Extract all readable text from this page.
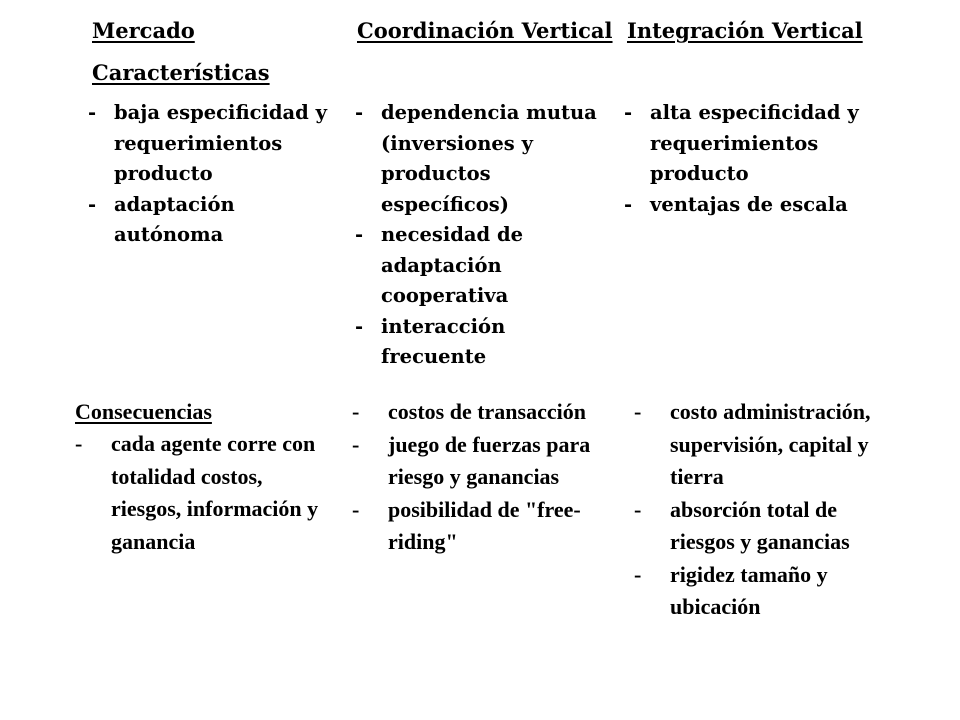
Mercado	Coordinación Vertical Integración Vertical
Características
- baja especificidad y requerimientos producto
- adaptación autónoma
- dependencia mutua (inversiones y productos específicos)
- necesidad de adaptación cooperativa
- interacción frecuente
- alta especificidad y requerimientos producto
- ventajas de escala
Consecuencias
- cada agente corre con totalidad costos, riesgos, información y ganancia
- costos de transacción
- juego de fuerzas para riesgo y ganancias
- posibilidad de "free-riding"
- costo administración, supervisión, capital y tierra
- absorción total de riesgos y ganancias
- rigidez tamaño y ubicación
